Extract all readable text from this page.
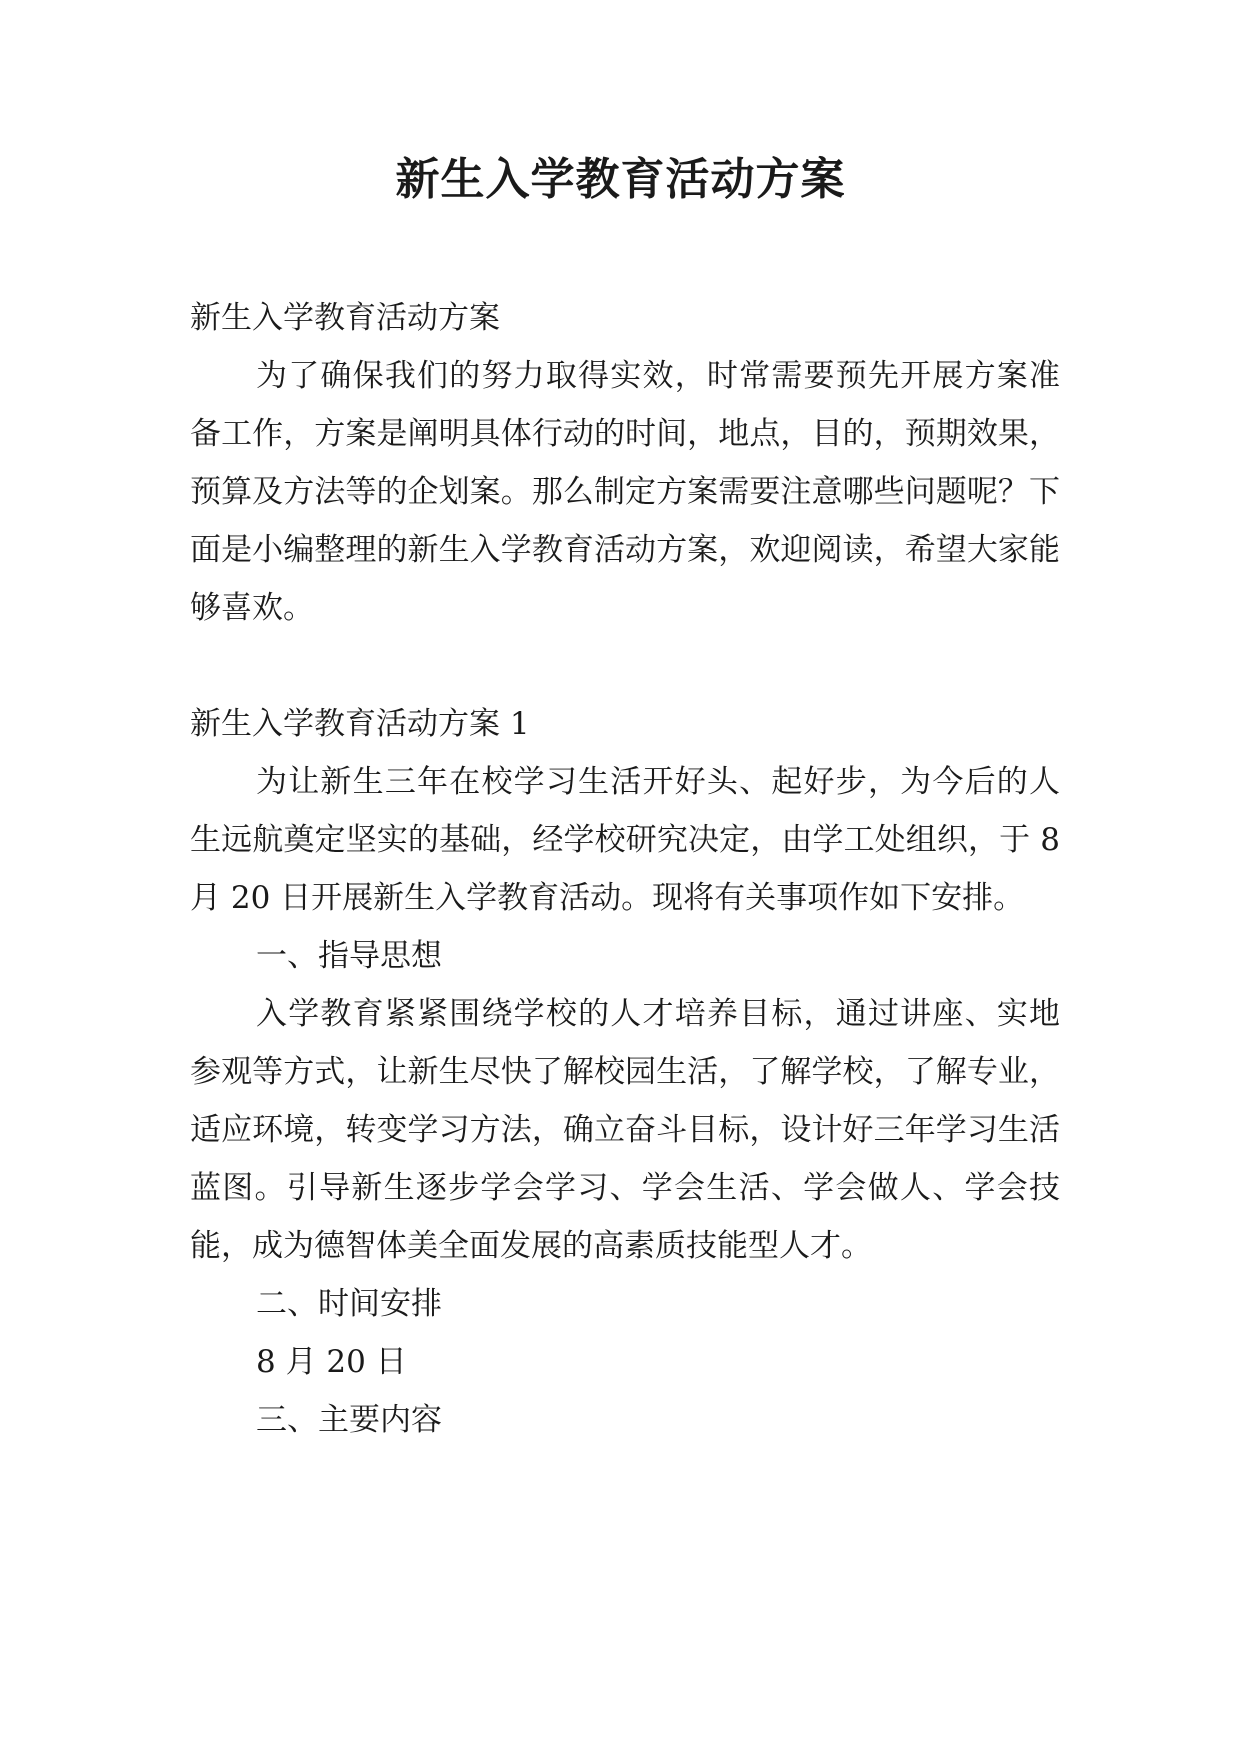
新生入学教育活动方案

新生入学教育活动方案

为了确保我们的努力取得实效，时常需要预先开展方案准备工作，方案是阐明具体行动的时间，地点，目的，预期效果，预算及方法等的企划案。那么制定方案需要注意哪些问题呢？下面是小编整理的新生入学教育活动方案，欢迎阅读，希望大家能够喜欢。

新生入学教育活动方案 1

为让新生三年在校学习生活开好头、起好步，为今后的人生远航奠定坚实的基础，经学校研究决定，由学工处组织，于 8 月 20 日开展新生入学教育活动。现将有关事项作如下安排。

一、指导思想

入学教育紧紧围绕学校的人才培养目标，通过讲座、实地参观等方式，让新生尽快了解校园生活，了解学校，了解专业，适应环境，转变学习方法，确立奋斗目标，设计好三年学习生活蓝图。引导新生逐步学会学习、学会生活、学会做人、学会技能，成为德智体美全面发展的高素质技能型人才。

二、时间安排

8 月 20 日

三、主要内容
